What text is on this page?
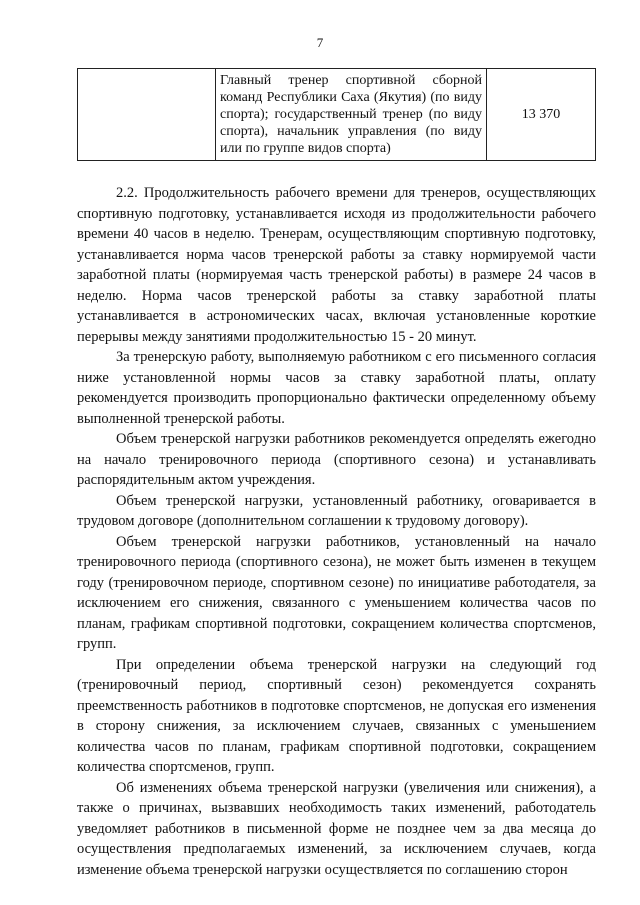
7
	Главный тренер спортивной сборной команд Республики Саха (Якутия) (по виду спорта); государственный тренер (по виду спорта), начальник управления (по виду или по группе видов спорта)	13 370

2.2. Продолжительность рабочего времени для тренеров, осуществляющих спортивную подготовку, устанавливается исходя из продолжительности рабочего времени 40 часов в неделю. Тренерам, осуществляющим спортивную подготовку, устанавливается норма часов тренерской работы за ставку нормируемой части заработной платы (нормируемая часть тренерской работы) в размере 24 часов в неделю. Норма часов тренерской работы за ставку заработной платы устанавливается в астрономических часах, включая установленные короткие перерывы между занятиями продолжительностью 15 - 20 минут.

За тренерскую работу, выполняемую работником с его письменного согласия ниже установленной нормы часов за ставку заработной платы, оплату рекомендуется производить пропорционально фактически определенному объему выполненной тренерской работы.

Объем тренерской нагрузки работников рекомендуется определять ежегодно на начало тренировочного периода (спортивного сезона) и устанавливать распорядительным актом учреждения.

Объем тренерской нагрузки, установленный работнику, оговаривается в трудовом договоре (дополнительном соглашении к трудовому договору).

Объем тренерской нагрузки работников, установленный на начало тренировочного периода (спортивного сезона), не может быть изменен в текущем году (тренировочном периоде, спортивном сезоне) по инициативе работодателя, за исключением его снижения, связанного с уменьшением количества часов по планам, графикам спортивной подготовки, сокращением количества спортсменов, групп.

При определении объема тренерской нагрузки на следующий год (тренировочный период, спортивный сезон) рекомендуется сохранять преемственность работников в подготовке спортсменов, не допуская его изменения в сторону снижения, за исключением случаев, связанных с уменьшением количества часов по планам, графикам спортивной подготовки, сокращением количества спортсменов, групп.

Об изменениях объема тренерской нагрузки (увеличения или снижения), а также о причинах, вызвавших необходимость таких изменений, работодатель уведомляет работников в письменной форме не позднее чем за два месяца до осуществления предполагаемых изменений, за исключением случаев, когда изменение объема тренерской нагрузки осуществляется по соглашению сторон
